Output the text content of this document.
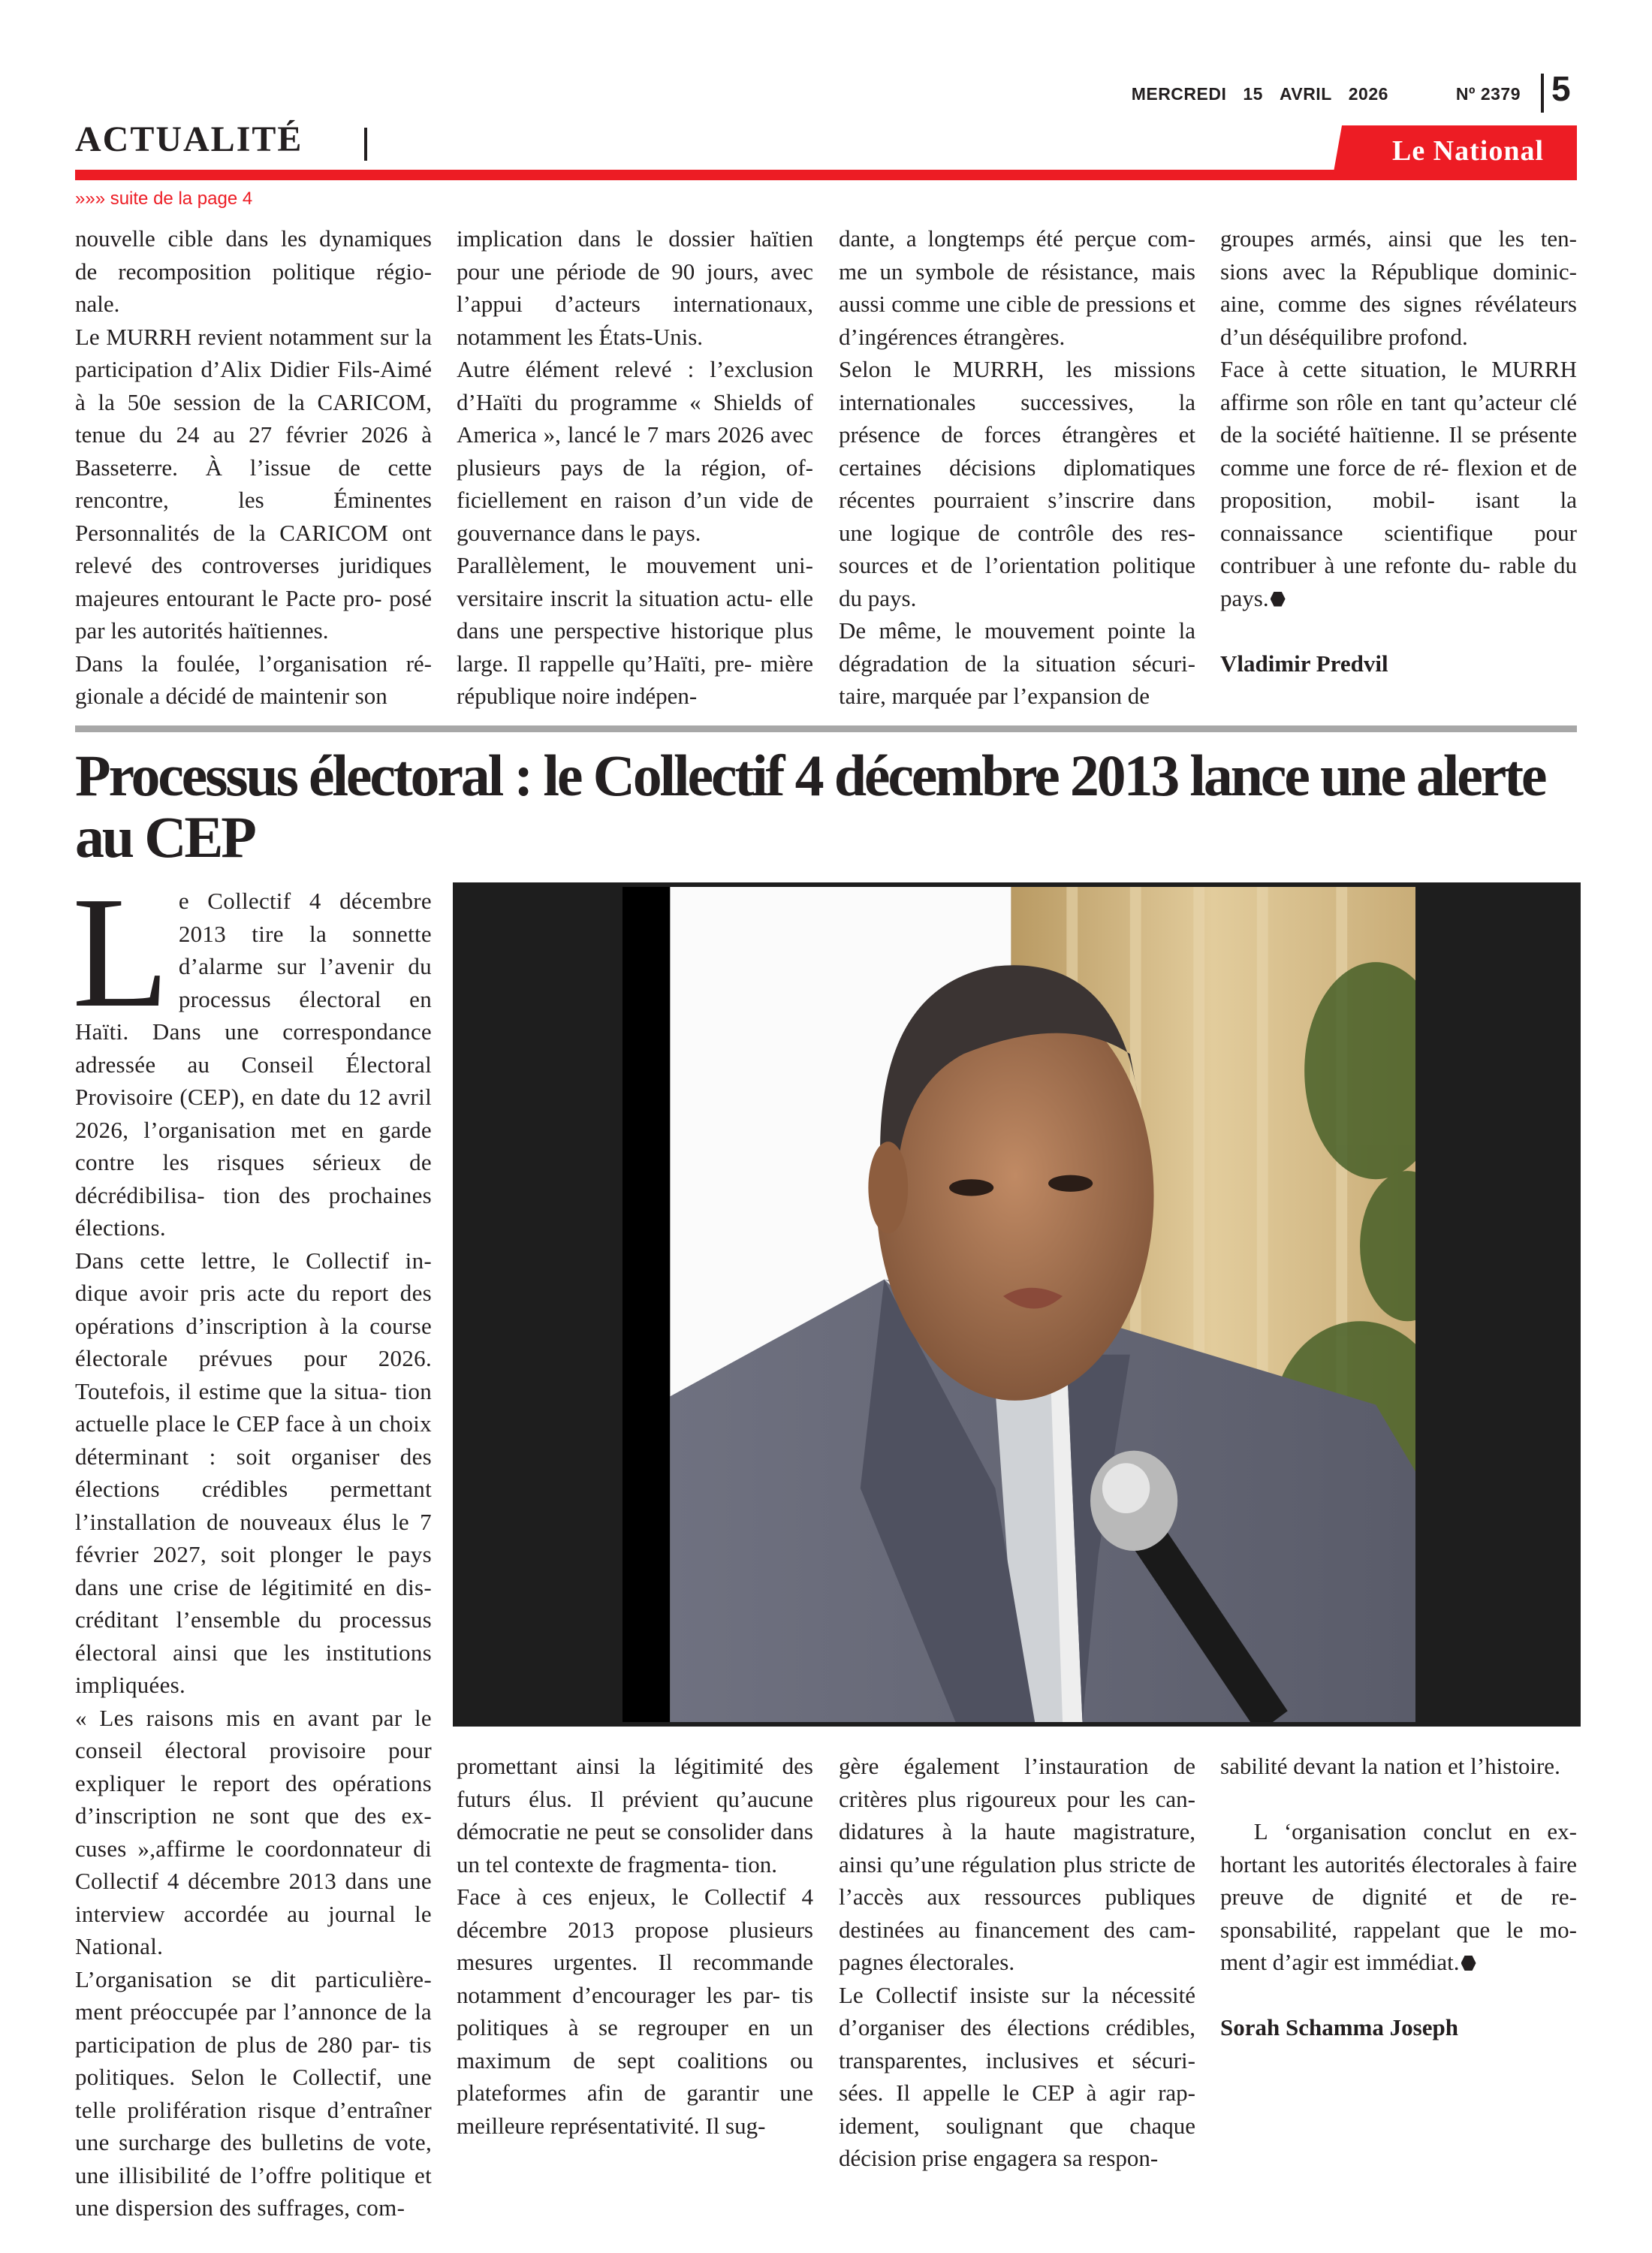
MERCREDI 15 AVRIL 2026	Nº 2379 5
ACTUALITÉ	Le National
»»» suite de la page 4

nouvelle cible dans les dynamiques de recomposition politique régio- nale.

Le MURRH revient notamment sur la participation d’Alix Didier Fils-Aimé à la 50e session de la CARICOM, tenue du 24 au 27 février 2026 à Basseterre. À l’issue de cette rencontre, les Éminentes Personnalités de la CARICOM ont relevé des controverses juridiques majeures entourant le Pacte pro- posé par les autorités haïtiennes.

Dans la foulée, l’organisation ré- gionale a décidé de maintenir son

implication dans le dossier haïtien pour une période de 90 jours, avec l’appui d’acteurs internationaux, notamment les États-Unis.

Autre élément relevé : l’exclusion d’Haïti du programme « Shields of America », lancé le 7 mars 2026 avec plusieurs pays de la région, of- ficiellement en raison d’un vide de gouvernance dans le pays.

Parallèlement, le mouvement uni- versitaire inscrit la situation actu- elle dans une perspective historique plus large. Il rappelle qu’Haïti, pre- mière république noire indépen-

dante, a longtemps été perçue com- me un symbole de résistance, mais aussi comme une cible de pressions et d’ingérences étrangères.

Selon le MURRH, les missions internationales successives, la présence de forces étrangères et certaines décisions diplomatiques récentes pourraient s’inscrire dans une logique de contrôle des res- sources et de l’orientation politique du pays.

De même, le mouvement pointe la dégradation de la situation sécuri- taire, marquée par l’expansion de

groupes armés, ainsi que les ten- sions avec la République dominic- aine, comme des signes révélateurs d’un déséquilibre profond.

Face à cette situation, le MURRH affirme son rôle en tant qu’acteur clé de la société haïtienne. Il se présente comme une force de ré- flexion et de proposition, mobil- isant la connaissance scientifique pour contribuer à une refonte du- rable du pays.

Vladimir Predvil

Processus électoral : le Collectif 4 décembre 2013 lance une alerte au CEP

Le Collectif 4 décembre 2013 tire la sonnette d’alarme sur l’avenir du processus électoral en Haïti. Dans une correspondance adressée au Conseil Électoral Provisoire (CEP), en date du 12 avril 2026, l’organisation met en garde contre les risques sérieux de décrédibilisa- tion des prochaines élections.

Dans cette lettre, le Collectif in- dique avoir pris acte du report des opérations d’inscription à la course électorale prévues pour 2026. Toutefois, il estime que la situa- tion actuelle place le CEP face à un choix déterminant : soit organiser des élections crédibles permettant l’installation de nouveaux élus le 7 février 2027, soit plonger le pays dans une crise de légitimité en dis- créditant l’ensemble du processus électoral ainsi que les institutions impliquées.

« Les raisons mis en avant par le conseil électoral provisoire pour expliquer le report des opérations d’inscription ne sont que des ex- cuses »,affirme le coordonnateur di Collectif 4 décembre 2013 dans une interview accordée au journal le National.

L’organisation se dit particulière- ment préoccupée par l’annonce de la participation de plus de 280 par- tis politiques. Selon le Collectif, une telle prolifération risque d’entraîner une surcharge des bulletins de vote, une illisibilité de l’offre politique et une dispersion des suffrages, com-

promettant ainsi la légitimité des futurs élus. Il prévient qu’aucune démocratie ne peut se consolider dans un tel contexte de fragmenta- tion.

Face à ces enjeux, le Collectif 4 décembre 2013 propose plusieurs mesures urgentes. Il recommande notamment d’encourager les par- tis politiques à se regrouper en un maximum de sept coalitions ou plateformes afin de garantir une meilleure représentativité. Il sug-

gère également l’instauration de critères plus rigoureux pour les can- didatures à la haute magistrature, ainsi qu’une régulation plus stricte de l’accès aux ressources publiques destinées au financement des cam- pagnes électorales.

Le Collectif insiste sur la nécessité d’organiser des élections crédibles, transparentes, inclusives et sécuri- sées. Il appelle le CEP à agir rap- idement, soulignant que chaque décision prise engagera sa respon-

sabilité devant la nation et l’histoire.

L ‘organisation conclut en ex- hortant les autorités électorales à faire preuve de dignité et de re- sponsabilité, rappelant que le mo- ment d’agir est immédiat.

Sorah Schamma Joseph
